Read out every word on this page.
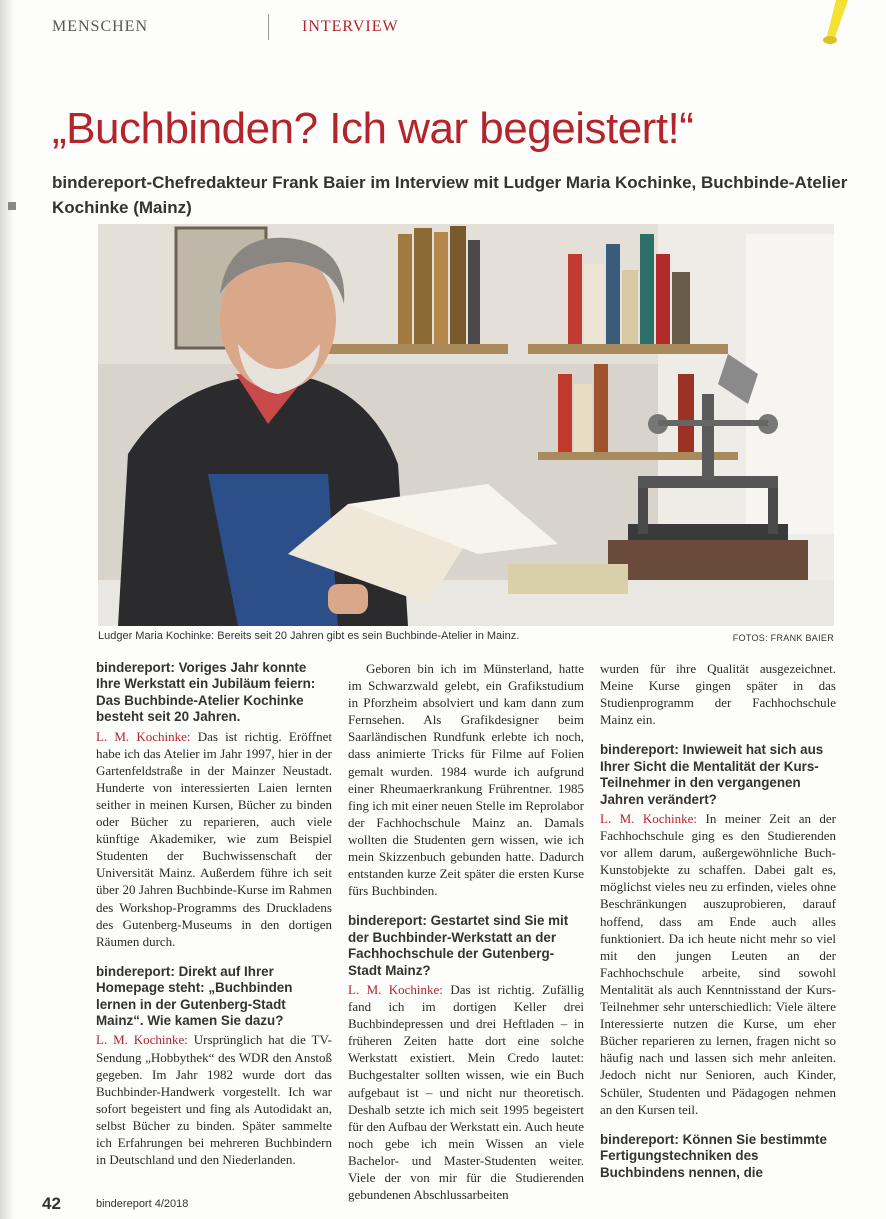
MENSCHEN	INTERVIEW
„Buchbinden? Ich war begeistert!“
bindereport-Chefredakteur Frank Baier im Interview mit Ludger Maria Kochinke, Buchbinde-Atelier Kochinke (Mainz)
Ludger Maria Kochinke: Bereits seit 20 Jahren gibt es sein Buchbinde-Atelier in Mainz.	FOTOS: FRANK BAIER

bindereport: Voriges Jahr konnte Ihre Werkstatt ein Jubiläum feiern: Das Buchbinde-Atelier Kochinke besteht seit 20 Jahren.

L. M. Kochinke: Das ist richtig. Eröffnet habe ich das Atelier im Jahr 1997, hier in der Gartenfeldstraße in der Mainzer Neustadt. Hunderte von interessierten Laien lernten seither in meinen Kursen, Bücher zu binden oder Bücher zu reparieren, auch viele künftige Akademiker, wie zum Beispiel Studenten der Buchwissenschaft der Universität Mainz. Außerdem führe ich seit über 20 Jahren Buchbinde-Kurse im Rahmen des Workshop-Programms des Druckladens des Gutenberg-Museums in den dortigen Räumen durch.

bindereport: Direkt auf Ihrer Homepage steht: „Buchbinden lernen in der Gutenberg-Stadt Mainz“. Wie kamen Sie dazu?

L. M. Kochinke: Ursprünglich hat die TV-Sendung „Hobbythek“ des WDR den Anstoß gegeben. Im Jahr 1982 wurde dort das Buchbinder-Handwerk vorgestellt. Ich war sofort begeistert und fing als Autodidakt an, selbst Bücher zu binden. Später sammelte ich Erfahrungen bei mehreren Buchbindern in Deutschland und den Niederlanden.

Geboren bin ich im Münsterland, hatte im Schwarzwald gelebt, ein Grafikstudium in Pforzheim absolviert und kam dann zum Fernsehen. Als Grafikdesigner beim Saarländischen Rundfunk erlebte ich noch, dass animierte Tricks für Filme auf Folien gemalt wurden. 1984 wurde ich aufgrund einer Rheumaerkrankung Frührentner. 1985 fing ich mit einer neuen Stelle im Reprolabor der Fachhochschule Mainz an. Damals wollten die Studenten gern wissen, wie ich mein Skizzenbuch gebunden hatte. Dadurch entstanden kurze Zeit später die ersten Kurse fürs Buchbinden.

bindereport: Gestartet sind Sie mit der Buchbinder-Werkstatt an der Fachhochschule der Gutenberg-Stadt Mainz?

L. M. Kochinke: Das ist richtig. Zufällig fand ich im dortigen Keller drei Buchbindepressen und drei Heftladen – in früheren Zeiten hatte dort eine solche Werkstatt existiert. Mein Credo lautet: Buchgestalter sollten wissen, wie ein Buch aufgebaut ist – und nicht nur theoretisch. Deshalb setzte ich mich seit 1995 begeistert für den Aufbau der Werkstatt ein. Auch heute noch gebe ich mein Wissen an viele Bachelor- und Master-Studenten weiter. Viele der von mir für die Studierenden gebundenen Abschlussarbeiten

wurden für ihre Qualität ausgezeichnet. Meine Kurse gingen später in das Studienprogramm der Fachhochschule Mainz ein.

bindereport: Inwieweit hat sich aus Ihrer Sicht die Mentalität der Kurs-Teilnehmer in den vergangenen Jahren verändert?

L. M. Kochinke: In meiner Zeit an der Fachhochschule ging es den Studierenden vor allem darum, außergewöhnliche Buch-Kunstobjekte zu schaffen. Dabei galt es, möglichst vieles neu zu erfinden, vieles ohne Beschränkungen auszuprobieren, darauf hoffend, dass am Ende auch alles funktioniert. Da ich heute nicht mehr so viel mit den jungen Leuten an der Fachhochschule arbeite, sind sowohl Mentalität als auch Kenntnisstand der Kurs-Teilnehmer sehr unterschiedlich: Viele ältere Interessierte nutzen die Kurse, um eher Bücher reparieren zu lernen, fragen nicht so häufig nach und lassen sich mehr anleiten. Jedoch nicht nur Senioren, auch Kinder, Schüler, Studenten und Pädagogen nehmen an den Kursen teil.

bindereport: Können Sie bestimmte Fertigungstechniken des Buchbindens nennen, die

42	bindereport 4/2018
